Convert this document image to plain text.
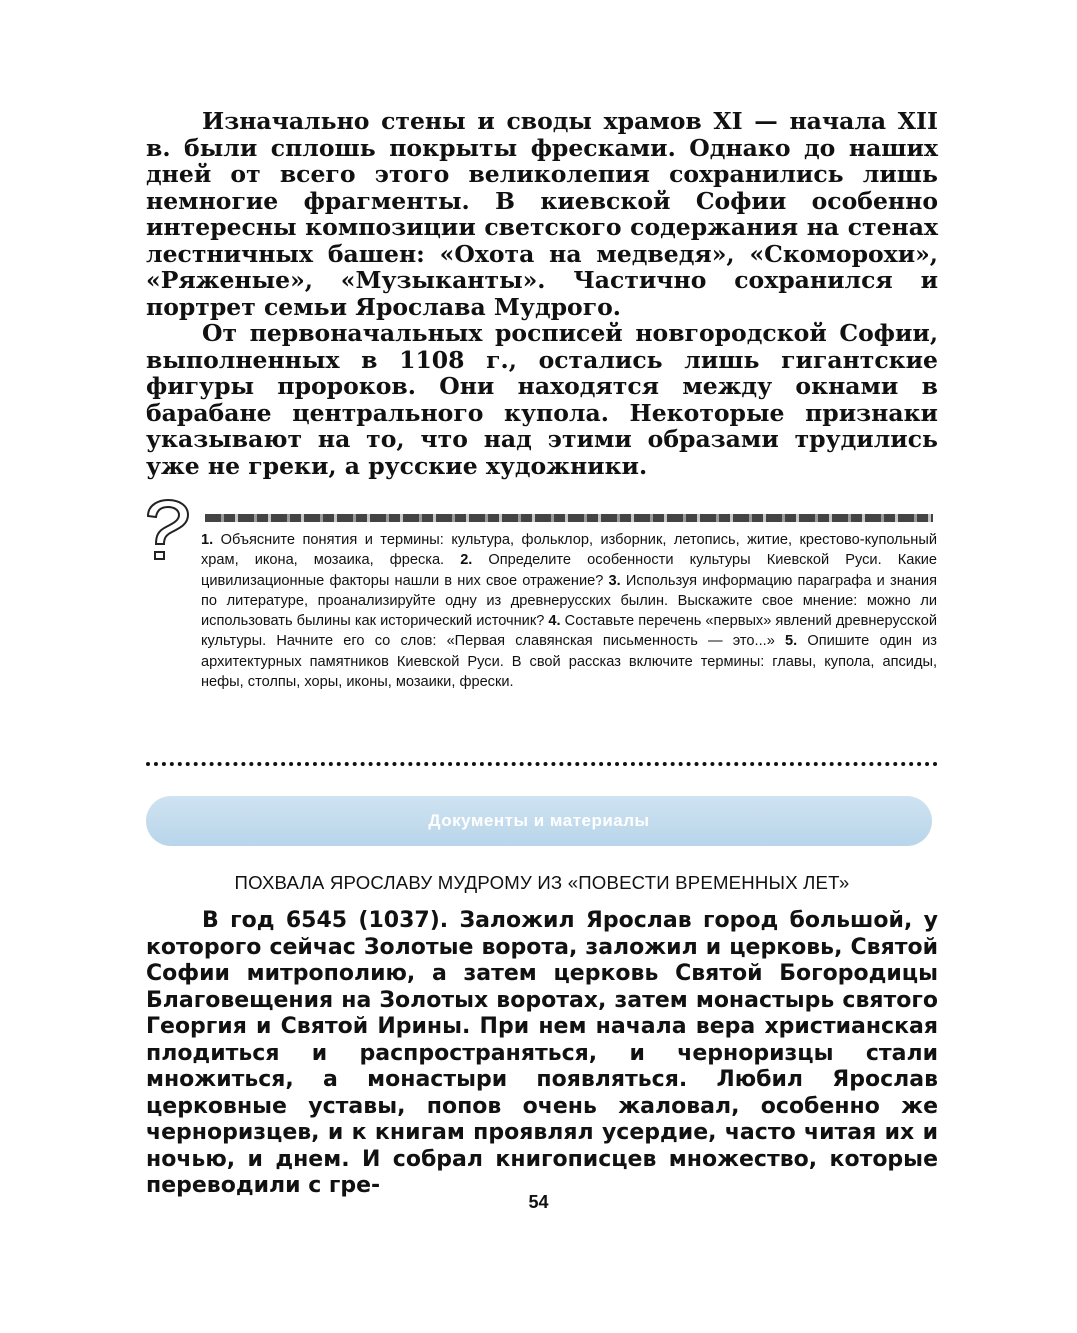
Изначально стены и своды храмов XI — начала XII в. были сплошь покрыты фресками. Однако до наших дней от всего этого великолепия сохранились лишь немногие фрагменты. В киевской Софии особенно интересны композиции светского содержания на стенах лестничных башен: «Охота на медведя», «Скоморохи», «Ряженые», «Музыканты». Частично сохранился и портрет семьи Ярослава Мудрого.

От первоначальных росписей новгородской Софии, выполненных в 1108 г., остались лишь гигантские фигуры пророков. Они находятся между окнами в барабане центрального купола. Некоторые признаки указывают на то, что над этими образами трудились уже не греки, а русские художники.

1. Объясните понятия и термины: культура, фольклор, изборник, летопись, житие, крестово-купольный храм, икона, мозаика, фреска. 2. Определите особенности культуры Киевской Руси. Какие цивилизационные факторы нашли в них свое отражение? 3. Используя информацию параграфа и знания по литературе, проанализируйте одну из древнерусских былин. Выскажите свое мнение: можно ли использовать былины как исторический источник? 4. Составьте перечень «первых» явлений древнерусской культуры. Начните его со слов: «Первая славянская письменность — это...» 5. Опишите один из архитектурных памятников Киевской Руси. В свой рассказ включите термины: главы, купола, апсиды, нефы, столпы, хоры, иконы, мозаики, фрески.
Документы и материалы
ПОХВАЛА ЯРОСЛАВУ МУДРОМУ ИЗ «ПОВЕСТИ ВРЕМЕННЫХ ЛЕТ»

В год 6545 (1037). Заложил Ярослав город большой, у которого сейчас Золотые ворота, заложил и церковь, Святой Софии митрополию, а затем церковь Святой Богородицы Благовещения на Золотых воротах, затем монастырь святого Георгия и Святой Ирины. При нем начала вера христианская плодиться и распространяться, и черноризцы стали множиться, а монастыри появляться. Любил Ярослав церковные уставы, попов очень жаловал, особенно же черноризцев, и к книгам проявлял усердие, часто читая их и ночью, и днем. И собрал книгописцев множество, которые переводили с гре-

54
